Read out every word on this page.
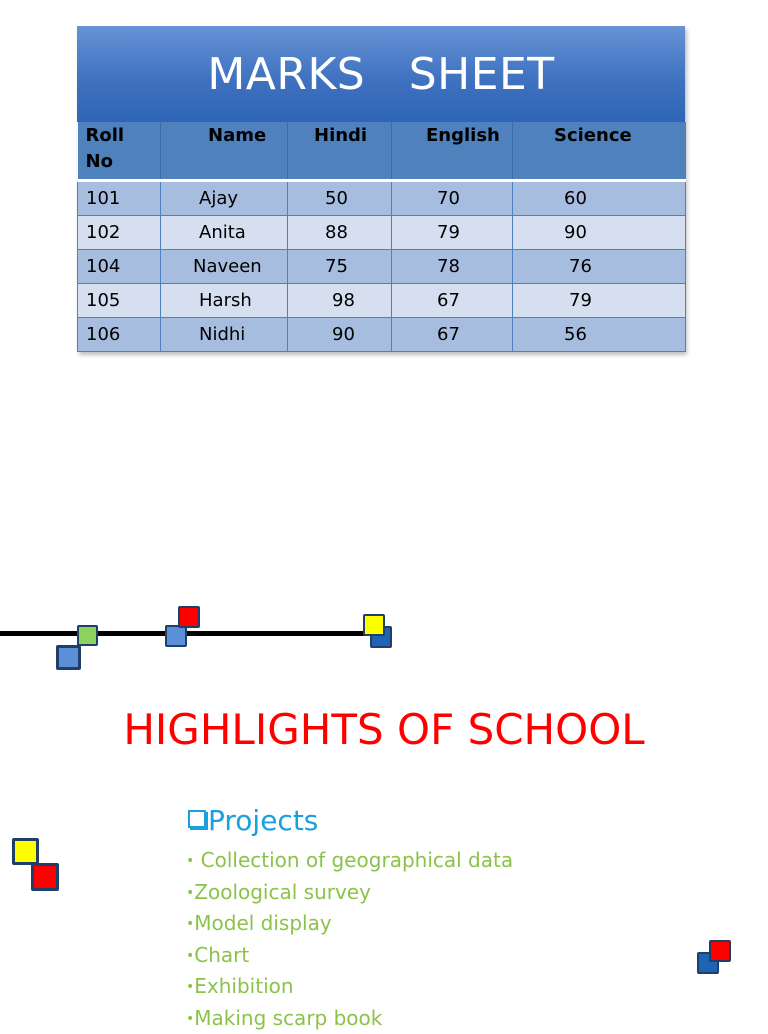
MARKS   SHEET
Roll
No	Name	Hindi	English	Science
101	Ajay	50	70	60
102	Anita	88	79	90
104	Naveen	75	78	76
105	Harsh	98	67	79
106	Nidhi	90	67	56
HIGHLIGHTS OF SCHOOL
Projects
• Collection of geographical data
•Zoological survey
•Model display
•Chart
•Exhibition
•Making scarp book
